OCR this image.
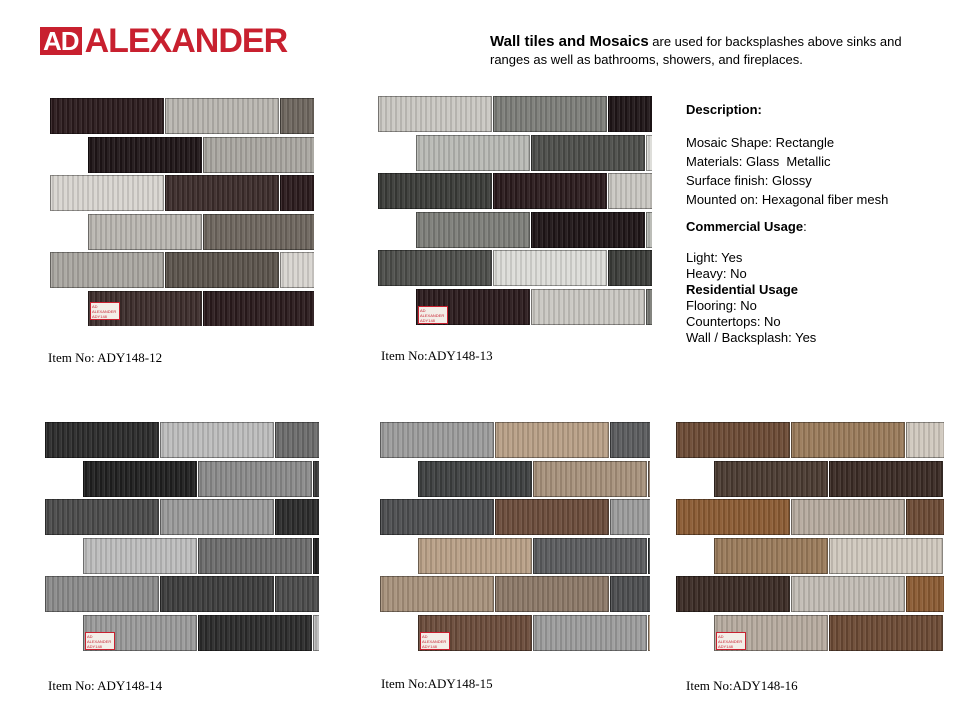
AD ALEXANDER	Wall tiles and Mosaics are used for backsplashes above sinks and ranges as well as bathrooms, showers, and fireplaces.
AD ALEXANDER ADY148
AD ALEXANDER ADY148
AD ALEXANDER ADY148
AD ALEXANDER ADY148
AD ALEXANDER ADY148
Item No: ADY148-12	Item No:ADY148-13
Item No: ADY148-14	Item No:ADY148-15	Item No:ADY148-16
Description:
Mosaic Shape: Rectangle
Materials: Glass  Metallic
Surface finish: Glossy
Mounted on: Hexagonal fiber mesh
Commercial Usage:
Light: Yes
Heavy: No
Residential Usage
Flooring: No
Countertops: No
Wall / Backsplash: Yes
